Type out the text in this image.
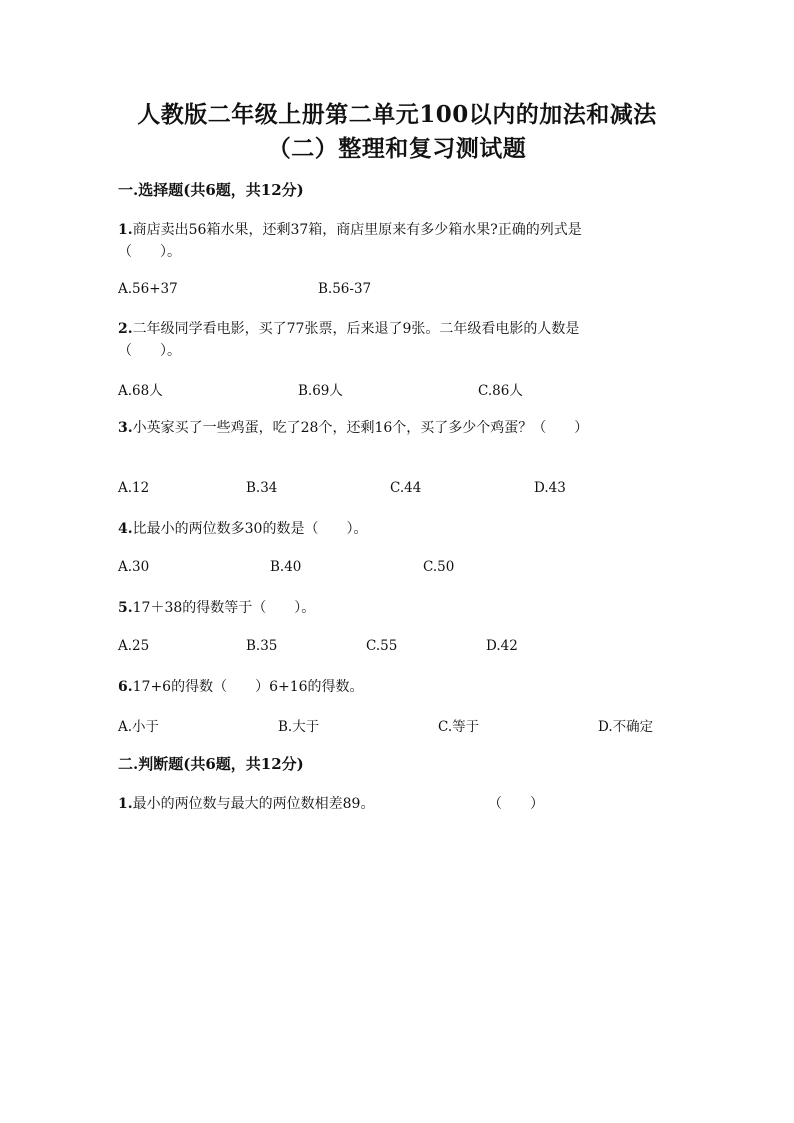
人教版二年级上册第二单元100以内的加法和减法
（二）整理和复习测试题
一.选择题(共6题，共12分)
1.商店卖出56箱水果，还剩37箱，商店里原来有多少箱水果?正确的列式是
（　　）。
A.56+37	B.56-37
2.二年级同学看电影，买了77张票，后来退了9张。二年级看电影的人数是
（　　）。
A.68人	B.69人	C.86人
3.小英家买了一些鸡蛋，吃了28个，还剩16个，买了多少个鸡蛋？（　　）
A.12	B.34	C.44	D.43
4.比最小的两位数多30的数是（　　）。
A.30	B.40	C.50
5.17＋38的得数等于（　　）。
A.25	B.35	C.55	D.42
6.17+6的得数（　　）6+16的得数。
A.小于	B.大于	C.等于	D.不确定
二.判断题(共6题，共12分)
1.最小的两位数与最大的两位数相差89。	（　　）
